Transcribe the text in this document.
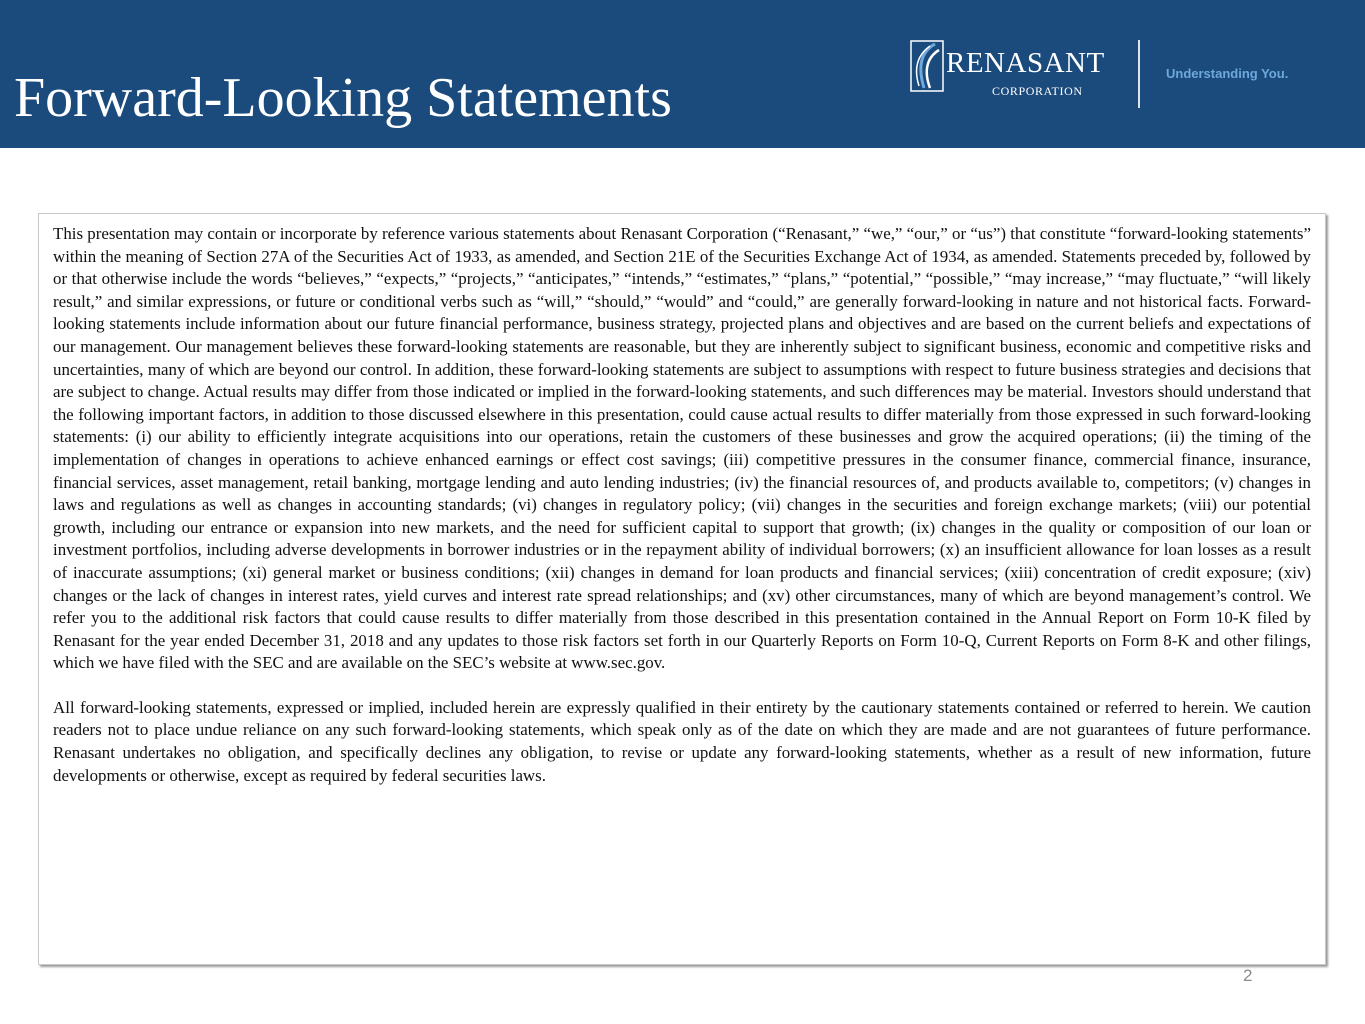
Forward-Looking Statements
RENASANT
CORPORATION
Understanding You.

This presentation may contain or incorporate by reference various statements about Renasant Corporation (“Renasant,” “we,” “our,” or “us”) that constitute “forward-looking statements” within the meaning of Section 27A of the Securities Act of 1933, as amended, and Section 21E of the Securities Exchange Act of 1934, as amended. Statements preceded by, followed by or that otherwise include the words “believes,” “expects,” “projects,” “anticipates,” “intends,” “estimates,” “plans,” “potential,” “possible,” “may increase,” “may fluctuate,” “will likely result,” and similar expressions, or future or conditional verbs such as “will,” “should,” “would” and “could,” are generally forward-looking in nature and not historical facts. Forward-looking statements include information about our future financial performance, business strategy, projected plans and objectives and are based on the current beliefs and expectations of our management. Our management believes these forward-looking statements are reasonable, but they are inherently subject to significant business, economic and competitive risks and uncertainties, many of which are beyond our control. In addition, these forward-looking statements are subject to assumptions with respect to future business strategies and decisions that are subject to change. Actual results may differ from those indicated or implied in the forward-looking statements, and such differences may be material. Investors should understand that the following important factors, in addition to those discussed elsewhere in this presentation, could cause actual results to differ materially from those expressed in such forward-looking statements: (i) our ability to efficiently integrate acquisitions into our operations, retain the customers of these businesses and grow the acquired operations; (ii) the timing of the implementation of changes in operations to achieve enhanced earnings or effect cost savings; (iii) competitive pressures in the consumer finance, commercial finance, insurance, financial services, asset management, retail banking, mortgage lending and auto lending industries; (iv) the financial resources of, and products available to, competitors; (v) changes in laws and regulations as well as changes in accounting standards; (vi) changes in regulatory policy; (vii) changes in the securities and foreign exchange markets; (viii) our potential growth, including our entrance or expansion into new markets, and the need for sufficient capital to support that growth; (ix) changes in the quality or composition of our loan or investment portfolios, including adverse developments in borrower industries or in the repayment ability of individual borrowers; (x) an insufficient allowance for loan losses as a result of inaccurate assumptions; (xi) general market or business conditions; (xii) changes in demand for loan products and financial services; (xiii) concentration of credit exposure; (xiv) changes or the lack of changes in interest rates, yield curves and interest rate spread relationships; and (xv) other circumstances, many of which are beyond management’s control. We refer you to the additional risk factors that could cause results to differ materially from those described in this presentation contained in the Annual Report on Form 10-K filed by Renasant for the year ended December 31, 2018 and any updates to those risk factors set forth in our Quarterly Reports on Form 10-Q, Current Reports on Form 8-K and other filings, which we have filed with the SEC and are available on the SEC’s website at www.sec.gov.

All forward-looking statements, expressed or implied, included herein are expressly qualified in their entirety by the cautionary statements contained or referred to herein. We caution readers not to place undue reliance on any such forward-looking statements, which speak only as of the date on which they are made and are not guarantees of future performance. Renasant undertakes no obligation, and specifically declines any obligation, to revise or update any forward-looking statements, whether as a result of new information, future developments or otherwise, except as required by federal securities laws.

2
